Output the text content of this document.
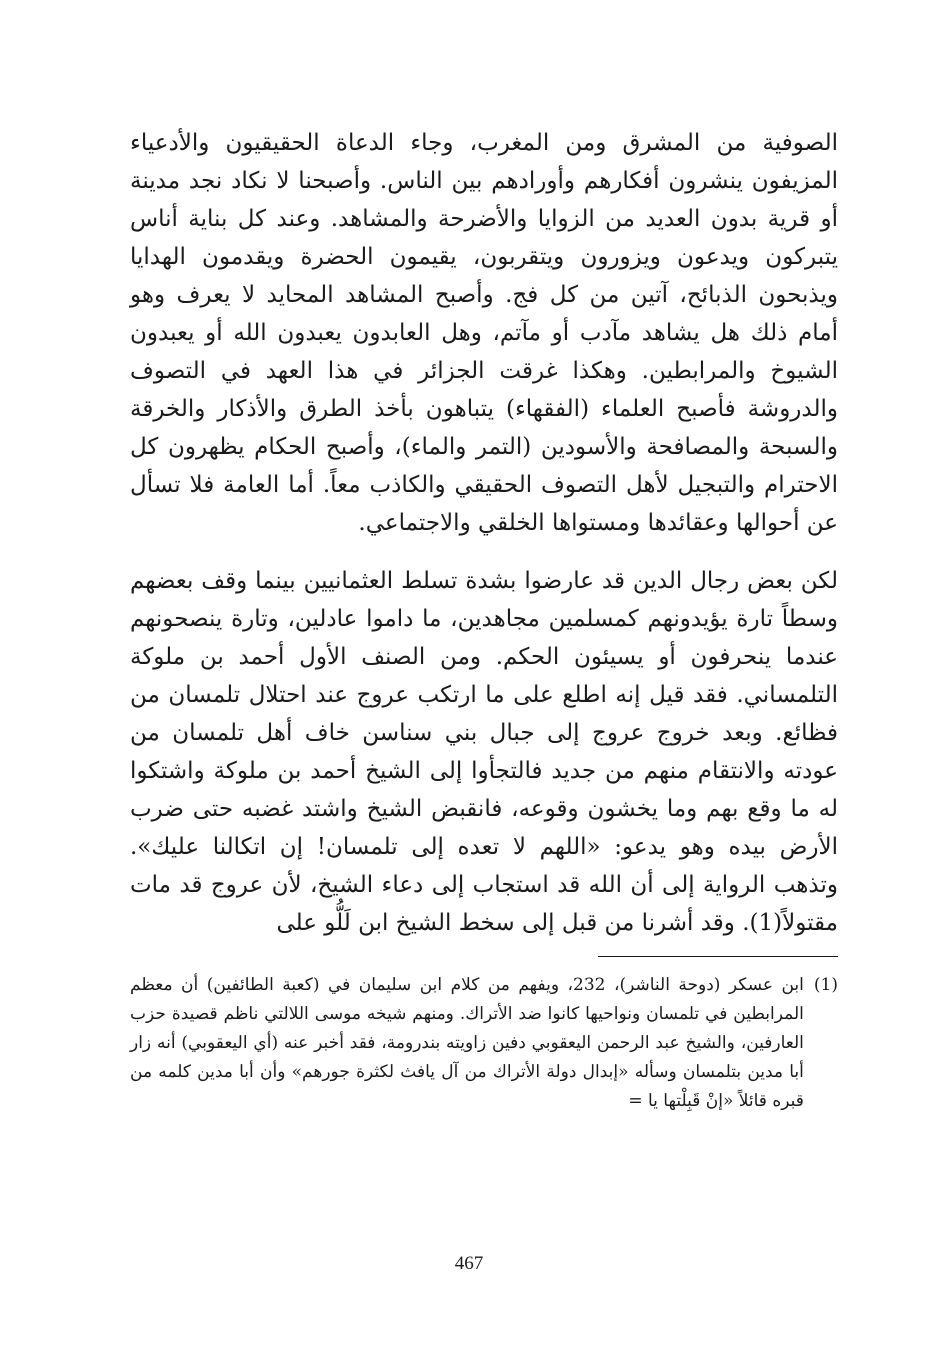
الصوفية من المشرق ومن المغرب، وجاء الدعاة الحقيقيون والأدعياء المزيفون ينشرون أفكارهم وأورادهم بين الناس. وأصبحنا لا نكاد نجد مدينة أو قرية بدون العديد من الزوايا والأضرحة والمشاهد. وعند كل بناية أناس يتبركون ويدعون ويزورون ويتقربون، يقيمون الحضرة ويقدمون الهدايا ويذبحون الذبائح، آتين من كل فج. وأصبح المشاهد المحايد لا يعرف وهو أمام ذلك هل يشاهد مآدب أو مآتم، وهل العابدون يعبدون الله أو يعبدون الشيوخ والمرابطين. وهكذا غرقت الجزائر في هذا العهد في التصوف والدروشة فأصبح العلماء (الفقهاء) يتباهون بأخذ الطرق والأذكار والخرقة والسبحة والمصافحة والأسودين (التمر والماء)، وأصبح الحكام يظهرون كل الاحترام والتبجيل لأهل التصوف الحقيقي والكاذب معاً. أما العامة فلا تسأل عن أحوالها وعقائدها ومستواها الخلقي والاجتماعي.

لكن بعض رجال الدين قد عارضوا بشدة تسلط العثمانيين بينما وقف بعضهم وسطاً تارة يؤيدونهم كمسلمين مجاهدين، ما داموا عادلين، وتارة ينصحونهم عندما ينحرفون أو يسيئون الحكم. ومن الصنف الأول أحمد بن ملوكة التلمساني. فقد قيل إنه اطلع على ما ارتكب عروج عند احتلال تلمسان من فظائع. وبعد خروج عروج إلى جبال بني سناسن خاف أهل تلمسان من عودته والانتقام منهم من جديد فالتجأوا إلى الشيخ أحمد بن ملوكة واشتكوا له ما وقع بهم وما يخشون وقوعه، فانقبض الشيخ واشتد غضبه حتى ضرب الأرض بيده وهو يدعو: «اللهم لا تعده إلى تلمسان! إن اتكالنا عليك». وتذهب الرواية إلى أن الله قد استجاب إلى دعاء الشيخ، لأن عروج قد مات مقتولاً(1). وقد أشرنا من قبل إلى سخط الشيخ ابن لَلُّو على

(1)
ابن عسكر (دوحة الناشر)، 232، ويفهم من كلام ابن سليمان في (كعبة الطائفين) أن معظم المرابطين في تلمسان ونواحيها كانوا ضد الأتراك. ومنهم شيخه موسى اللالتي ناظم قصيدة حزب العارفين، والشيخ عبد الرحمن اليعقوبي دفين زاويته بندرومة، فقد أخبر عنه (أي اليعقوبي) أنه زار أبا مدين بتلمسان وسأله «إبدال دولة الأتراك من آل يافث لكثرة جورهم» وأن أبا مدين كلمه من قبره قائلاً «إنْ قَبِلْتها يا =
467
